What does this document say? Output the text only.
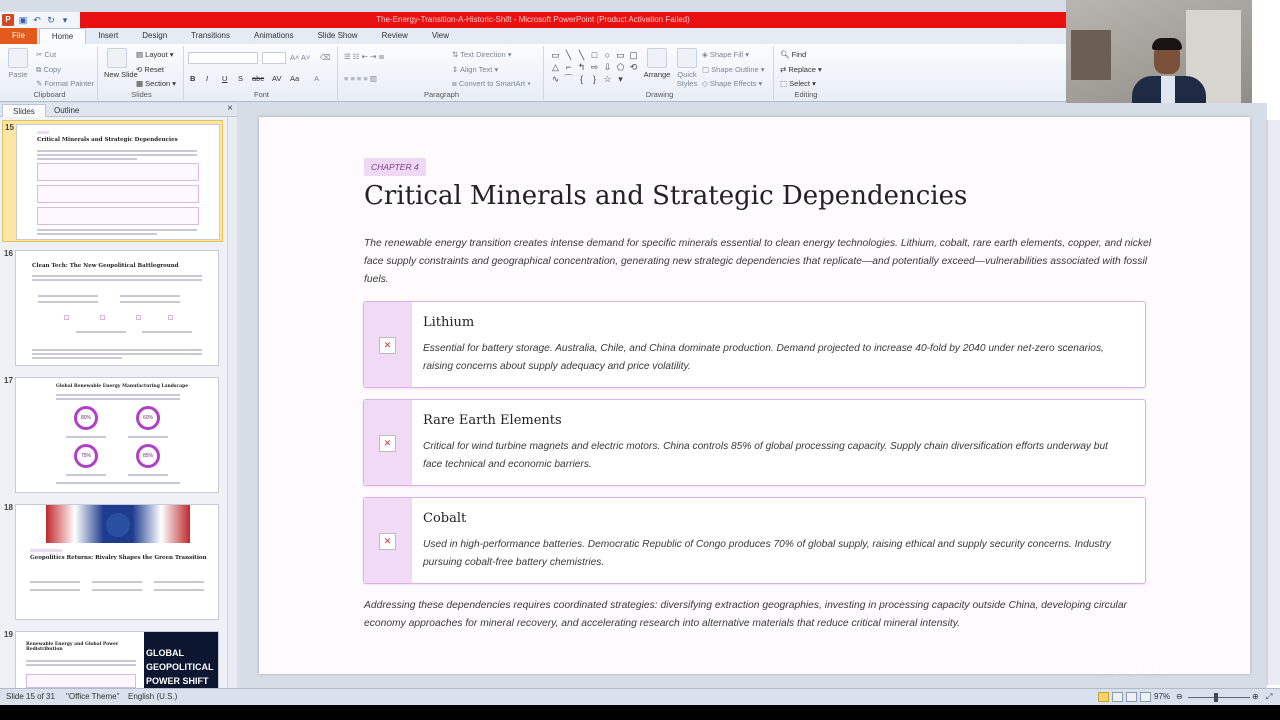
The-Energy-Transition-A-Historic-Shift - Microsoft PowerPoint (Product Activation Failed)
P ▣ ↶ ↻ ▾
File	Home	Insert	Design	Transitions	Animations	Slide Show	Review	View
Paste
✂ Cut
⧉ Copy
✎ Format Painter
Clipboard
New Slide
▤ Layout ▾
⟲ Reset
▦ Section ▾
Slides
A˄ A˅ ⌫
B I U S abc AV Aa A
Font
☰ ☷ ⇤ ⇥ ≣
≡ ≡ ≡ ≡ ▥
⇅ Text Direction ▾
⇕ Align Text ▾
⧈ Convert to SmartArt ▾
Paragraph
▭ ╲ ╲ □ ○ ▭ ▢
△ ⌐ ↰ ⇨ ⇩ ⬠ ⟲
∿ ⌒ {	} ☆ ▾	Arrange Quick Styles
◈ Shape Fill ▾
▢ Shape Outline ▾
◇ Shape Effects ▾
Drawing
🔍︎ Find
⇄ Replace ▾
⬚ Select ▾
Editing
Slides	Outline	×
15
Critical Minerals and Strategic Dependencies
16
Clean Tech: The New Geopolitical Battleground
17
Global Renewable Energy Manufacturing Landscape
80%	60%
75%	85%
18
Geopolitics Returns: Rivalry Shapes the Green Transition
19
Renewable Energy and Global Power Redistribution	GLOBAL GEOPOLITICAL POWER SHIFT
CHAPTER 4
Critical Minerals and Strategic Dependencies
The renewable energy transition creates intense demand for specific minerals essential to clean energy technologies. Lithium, cobalt, rare earth elements, copper, and nickel face supply constraints and geographical concentration, generating new strategic dependencies that replicate—and potentially exceed—vulnerabilities associated with fossil fuels.
✕
Lithium
Essential for battery storage. Australia, Chile, and China dominate production. Demand projected to increase 40-fold by 2040 under net-zero scenarios, raising concerns about supply adequacy and price volatility.
✕
Rare Earth Elements
Critical for wind turbine magnets and electric motors. China controls 85% of global processing capacity. Supply chain diversification efforts underway but face technical and economic barriers.
✕
Cobalt
Used in high-performance batteries. Democratic Republic of Congo produces 70% of global supply, raising ethical and supply security concerns. Industry pursuing cobalt-free battery chemistries.
Addressing these dependencies requires coordinated strategies: diversifying extraction geographies, investing in processing capacity outside China, developing circular economy approaches for mineral recovery, and accelerating research into alternative materials that reduce critical mineral intensity.
zoom
Slide 15 of 31 "Office Theme" English (U.S.)	97% ⊖	⊕ ⤢
